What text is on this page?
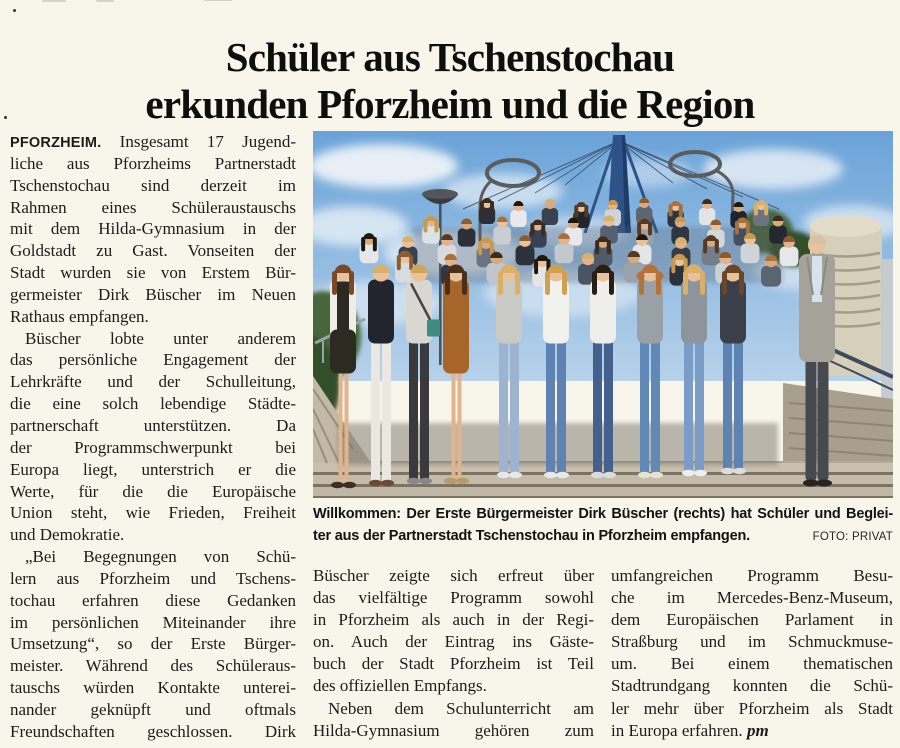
Schüler aus Tschenstochau
erkunden Pforzheim und die Region
PFORZHEIM. Insgesamt 17 Jugend-
liche aus Pforzheims Partnerstadt
Tschenstochau sind derzeit im
Rahmen eines Schüleraustauschs
mit dem Hilda-Gymnasium in der
Goldstadt zu Gast. Vonseiten der
Stadt wurden sie von Erstem Bür-
germeister Dirk Büscher im Neuen
Rathaus empfangen.
Büscher lobte unter anderem
das persönliche Engagement der
Lehrkräfte und der Schulleitung,
die eine solch lebendige Städte-
partnerschaft unterstützen. Da
der Programmschwerpunkt bei
Europa liegt, unterstrich er die
Werte, für die die Europäische
Union steht, wie Frieden, Freiheit
und Demokratie.
„Bei Begegnungen von Schü-
lern aus Pforzheim und Tschens-
tochau erfahren diese Gedanken
im persönlichen Miteinander ihre
Umsetzung“, so der Erste Bürger-
meister. Während des Schüleraus-
tauschs würden Kontakte unterei-
nander geknüpft und oftmals
Freundschaften geschlossen. Dirk
Willkommen: Der Erste Bürgermeister Dirk Büscher (rechts) hat Schüler und Beglei-
ter aus der Partnerstadt Tschenstochau in Pforzheim empfangen.	FOTO: PRIVAT
Büscher zeigte sich erfreut über
das vielfältige Programm sowohl
in Pforzheim als auch in der Regi-
on. Auch der Eintrag ins Gäste-
buch der Stadt Pforzheim ist Teil
des offiziellen Empfangs.
Neben dem Schulunterricht am
Hilda-Gymnasium gehören zum
umfangreichen Programm Besu-
che im Mercedes-Benz-Museum,
dem Europäischen Parlament in
Straßburg und im Schmuckmuse-
um. Bei einem thematischen
Stadtrundgang konnten die Schü-
ler mehr über Pforzheim als Stadt
in Europa erfahren. pm
